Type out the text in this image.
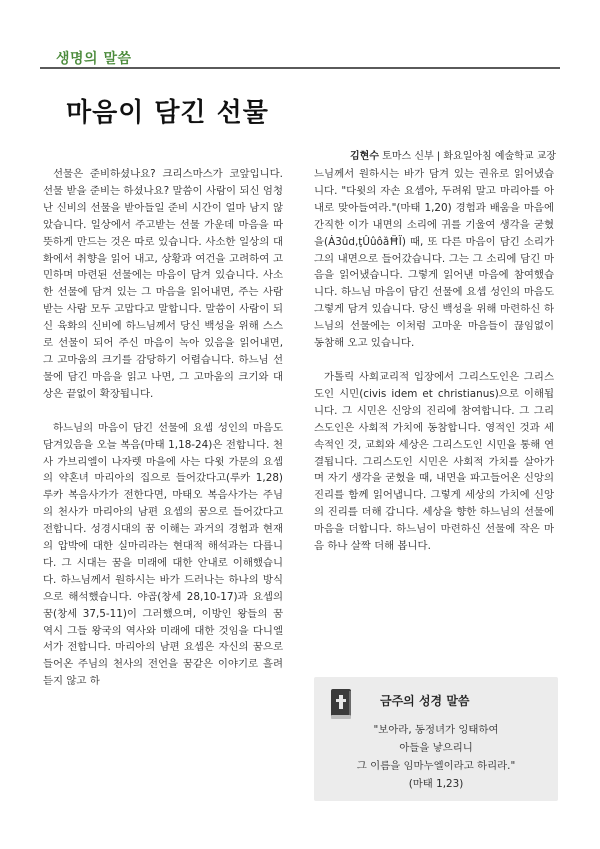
생명의 말씀
마음이 담긴 선물
김현수 토마스 신부 | 화요일아침 예술학교 교장

선물은 준비하셨나요? 크리스마스가 코앞입니다. 선물 받을 준비는 하셨나요? 말씀이 사람이 되신 엄청난 신비의 선물을 받아들일 준비 시간이 얼마 남지 않았습니다. 일상에서 주고받는 선물 가운데 마음을 따뜻하게 만드는 것은 따로 있습니다. 사소한 일상의 대화에서 취향을 읽어 내고, 상황과 여건을 고려하여 고민하며 마련된 선물에는 마음이 담겨 있습니다. 사소한 선물에 담겨 있는 그 마음을 읽어내면, 주는 사람 받는 사람 모두 고맙다고 말합니다. 말씀이 사람이 되신 육화의 신비에 하느님께서 당신 백성을 위해 스스로 선물이 되어 주신 마음이 녹아 있음을 읽어내면, 그 고마움의 크기를 감당하기 어렵습니다. 하느님 선물에 담긴 마음을 읽고 나면, 그 고마움의 크기와 대상은 끝없이 확장됩니다.

하느님의 마음이 담긴 선물에 요셉 성인의 마음도 담겨있음을 오늘 복음(마태 1,18-24)은 전합니다. 천사 가브리엘이 나자렛 마을에 사는 다윗 가문의 요셉의 약혼녀 마리아의 집으로 들어갔다고(루카 1,28) 루카 복음사가가 전한다면, 마태오 복음사가는 주님의 천사가 마리아의 남편 요셉의 꿈으로 들어갔다고 전합니다. 성경시대의 꿈 이해는 과거의 경험과 현재의 압박에 대한 실마리라는 현대적 해석과는 다릅니다. 그 시대는 꿈을 미래에 대한 안내로 이해했습니다. 하느님께서 원하시는 바가 드러나는 하나의 방식으로 해석했습니다. 야곱(창세 28,10-17)과 요셉의 꿈(창세 37,5-11)이 그러했으며, 이방인 왕들의 꿈 역시 그들 왕국의 역사와 미래에 대한 것임을 다니엘서가 전합니다. 마리아의 남편 요셉은 자신의 꿈으로 들어온 주님의 천사의 전언을 꿈같은 이야기로 흘려듣지 않고 하

느님께서 원하시는 바가 담겨 있는 권유로 읽어냈습니다. "다윗의 자손 요셉아, 두려워 말고 마리아를 아내로 맞아들여라."(마태 1,20) 경험과 배움을 마음에 간직한 이가 내면의 소리에 귀를 기울여 생각을 굳혔을(Ȧ3ûd,ţÛûôȁĦ̈Ï) 때, 또 다른 마음이 담긴 소리가 그의 내면으로 들어갔습니다. 그는 그 소리에 담긴 마음을 읽어냈습니다. 그렇게 읽어낸 마음에 참여했습니다. 하느님 마음이 담긴 선물에 요셉 성인의 마음도 그렇게 담겨 있습니다. 당신 백성을 위해 마련하신 하느님의 선물에는 이처럼 고마운 마음들이 끊임없이 동참해 오고 있습니다.

가톨릭 사회교리적 입장에서 그리스도인은 그리스도인 시민(civis idem et christianus)으로 이해됩니다. 그 시민은 신앙의 진리에 참여합니다. 그 그리스도인은 사회적 가치에 동참합니다. 영적인 것과 세속적인 것, 교회와 세상은 그리스도인 시민을 통해 연결됩니다. 그리스도인 시민은 사회적 가치를 살아가며 자기 생각을 굳혔을 때, 내면을 파고들어온 신앙의 진리를 함께 읽어냅니다. 그렇게 세상의 가치에 신앙의 진리를 더해 갑니다. 세상을 향한 하느님의 선물에 마음을 더합니다. 하느님이 마련하신 선물에 작은 마음 하나 살짝 더해 봅니다.

금주의 성경 말씀
"보아라, 동정녀가 잉태하여
아들을 낳으리니
그 이름을 임마누엘이라고 하리라."
(마태 1,23)
